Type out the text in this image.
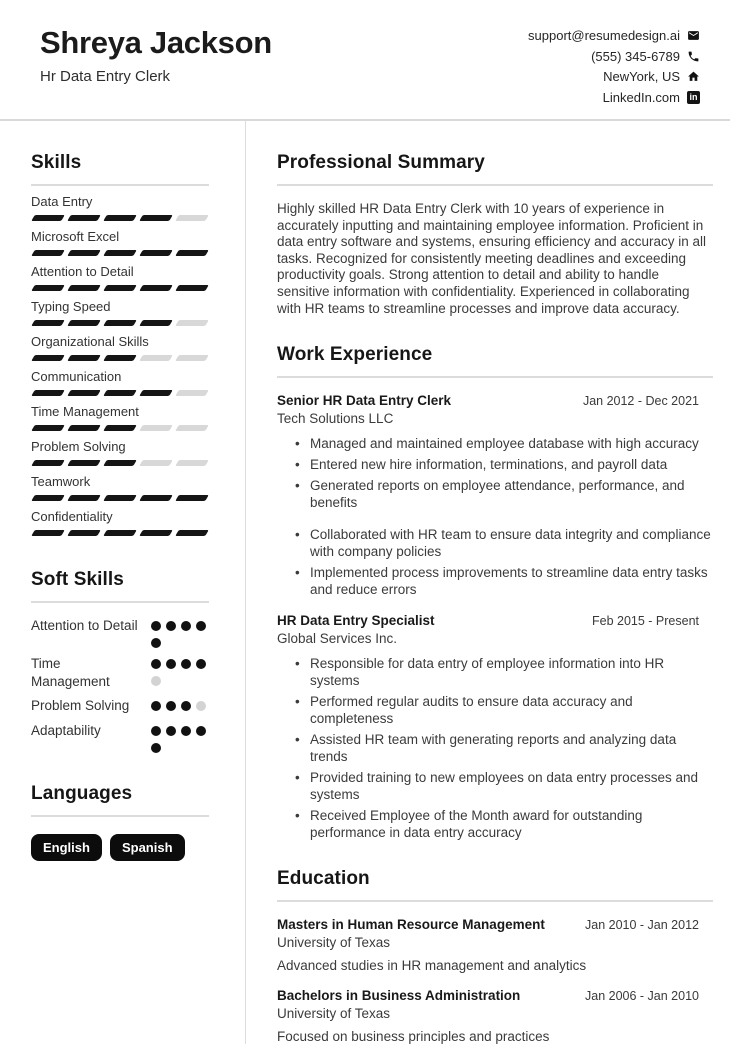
Shreya Jackson
Hr Data Entry Clerk
support@resumedesign.ai
(555) 345-6789
NewYork, US
LinkedIn.com in
Skills
Data Entry
Microsoft Excel
Attention to Detail
Typing Speed
Organizational Skills
Communication
Time Management
Problem Solving
Teamwork
Confidentiality
Soft Skills
Attention to Detail
Time Management
Problem Solving
Adaptability
Languages
English	Spanish
Professional Summary
Highly skilled HR Data Entry Clerk with 10 years of experience in accurately inputting and maintaining employee information. Proficient in data entry software and systems, ensuring efficiency and accuracy in all tasks. Recognized for consistently meeting deadlines and exceeding productivity goals. Strong attention to detail and ability to handle sensitive information with confidentiality. Experienced in collaborating with HR teams to streamline processes and improve data accuracy.
Work Experience
Senior HR Data Entry Clerk	Jan 2012 - Dec 2021
Tech Solutions LLC
• Managed and maintained employee database with high accuracy
• Entered new hire information, terminations, and payroll data
• Generated reports on employee attendance, performance, and benefits
• Collaborated with HR team to ensure data integrity and compliance with company policies
• Implemented process improvements to streamline data entry tasks and reduce errors
HR Data Entry Specialist	Feb 2015 - Present
Global Services Inc.
• Responsible for data entry of employee information into HR systems
• Performed regular audits to ensure data accuracy and completeness
• Assisted HR team with generating reports and analyzing data trends
• Provided training to new employees on data entry processes and systems
• Received Employee of the Month award for outstanding performance in data entry accuracy
Education
Masters in Human Resource Management	Jan 2010 - Jan 2012
University of Texas
Advanced studies in HR management and analytics
Bachelors in Business Administration	Jan 2006 - Jan 2010
University of Texas
Focused on business principles and practices
